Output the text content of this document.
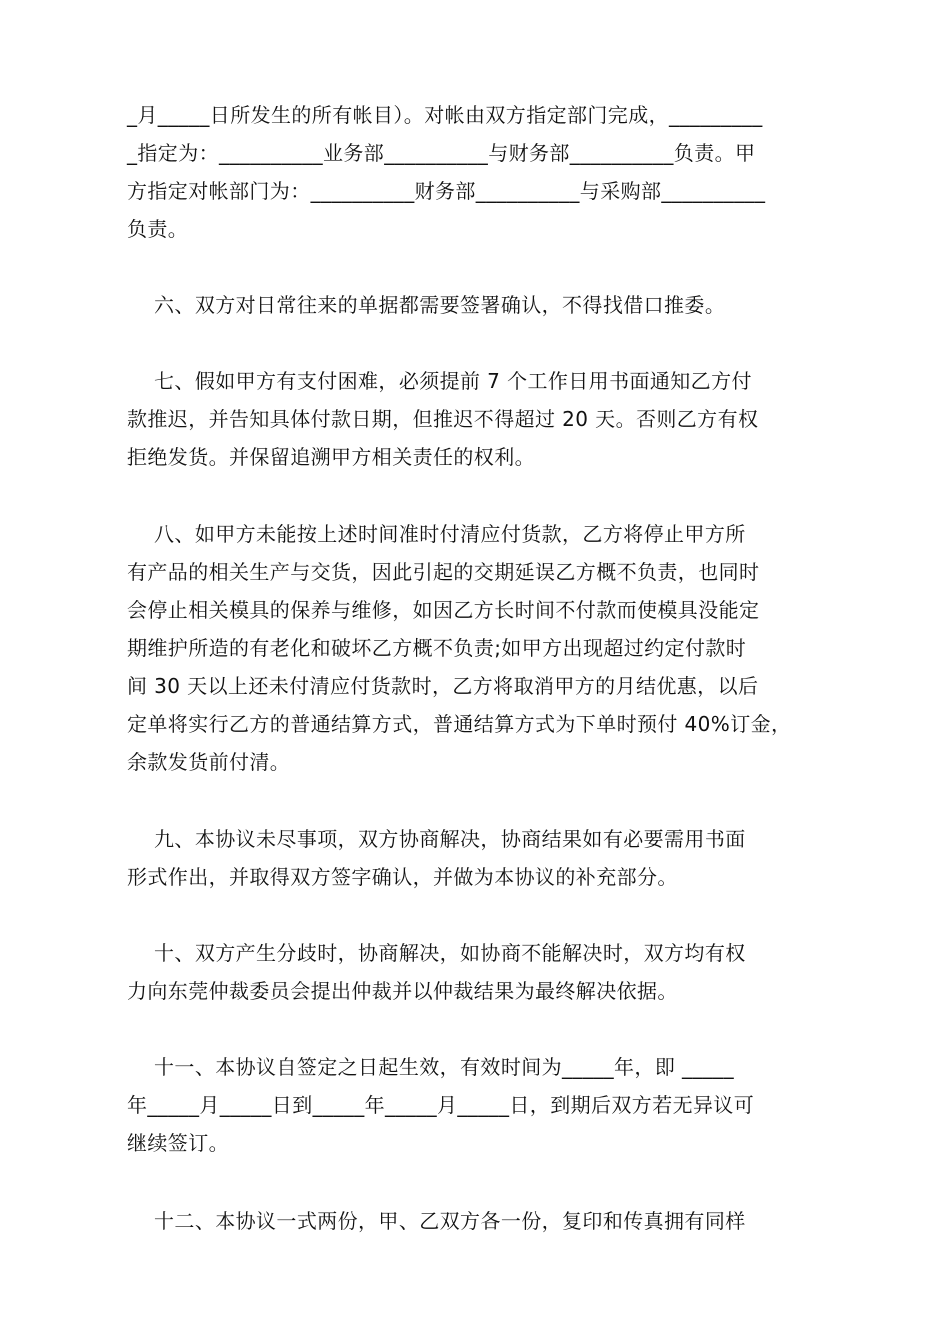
_月_____日所发生的所有帐目）。对帐由双方指定部门完成，_________
_指定为：__________业务部__________与财务部__________负责。甲
方指定对帐部门为：__________财务部__________与采购部__________
负责。
六、双方对日常往来的单据都需要签署确认，不得找借口推委。
七、假如甲方有支付困难，必须提前 7 个工作日用书面通知乙方付
款推迟，并告知具体付款日期，但推迟不得超过 20 天。否则乙方有权
拒绝发货。并保留追溯甲方相关责任的权利。
八、如甲方未能按上述时间准时付清应付货款，乙方将停止甲方所
有产品的相关生产与交货，因此引起的交期延误乙方概不负责，也同时
会停止相关模具的保养与维修，如因乙方长时间不付款而使模具没能定
期维护所造的有老化和破坏乙方概不负责;如甲方出现超过约定付款时
间 30 天以上还未付清应付货款时，乙方将取消甲方的月结优惠，以后
定单将实行乙方的普通结算方式，普通结算方式为下单时预付 40%订金，
余款发货前付清。
九、本协议未尽事项，双方协商解决，协商结果如有必要需用书面
形式作出，并取得双方签字确认，并做为本协议的补充部分。
十、双方产生分歧时，协商解决，如协商不能解决时，双方均有权
力向东莞仲裁委员会提出仲裁并以仲裁结果为最终解决依据。
十一、本协议自签定之日起生效，有效时间为_____年，即 _____
年_____月_____日到_____年_____月_____日，到期后双方若无异议可
继续签订。
十二、本协议一式两份，甲、乙双方各一份，复印和传真拥有同样
